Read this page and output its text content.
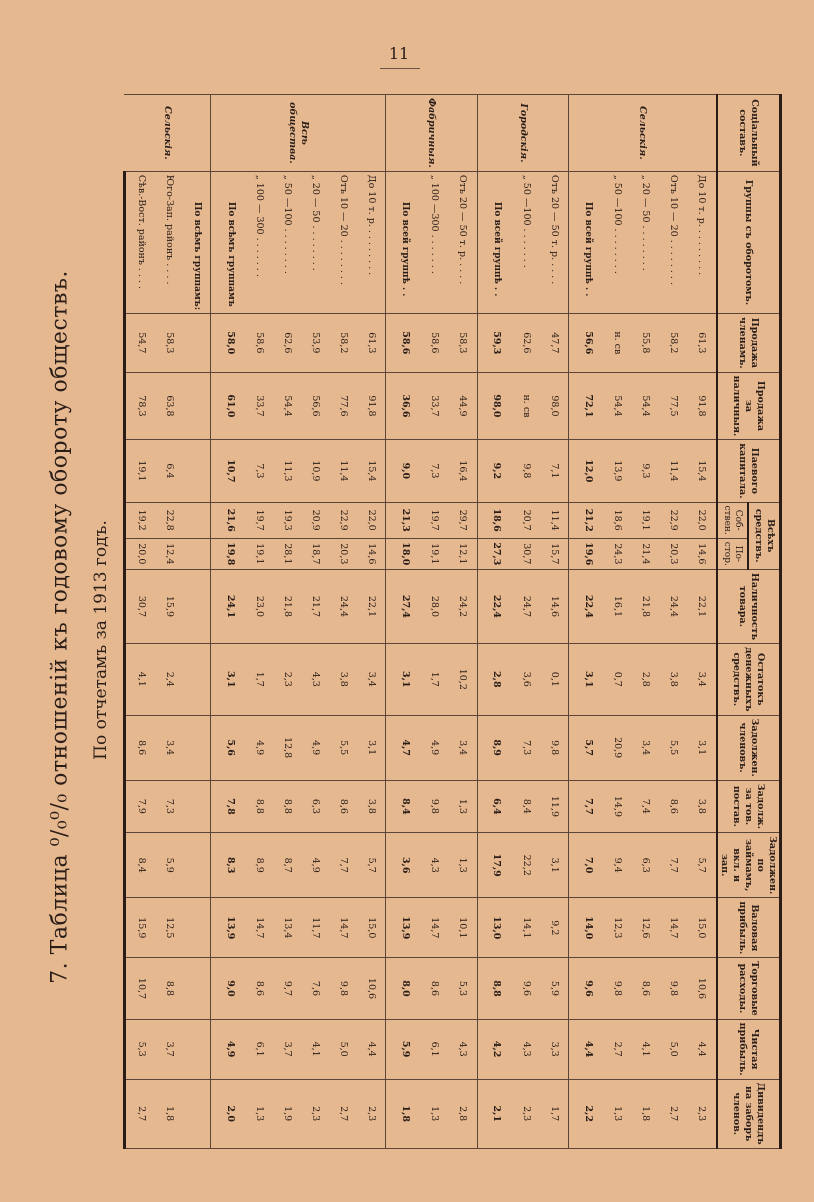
11
7. Таблица ⁰/₀⁰/₀ отношенiй къ годовому обороту обществъ. По отчетамъ за 1913 годъ.
Соцiальный составъ.	Группы съ оборотомъ.	Продажа членамъ.	Продажа за наличныя.	Паевого капитала.	Всѣхъ средствъ.		Наличность товара.	Остатокъ денежныхъ средствъ.	Задолжен. членовъ.	Задолж. за тов. постав.	Задолжен. по займамъ, вкл. и зап.	Валовая прибыль.	Торговые расходы.	Чистая прибыль.	Дивидендъ на заборъ членов.
					Соб-ствен.	По-стор.									
Сельскiя.	До 10 т. р. . . . . . . . .	61,3	91,8	15,4	22,0	14,6	22,1	3,4	3,1	3,8	5,7	15,0	10,6	4,4	2,3
	Отъ 10 — 20 . . . . . . . .	58,2	77,5	11,4	22,9	20,3	24,4	3,8	5,5	8,6	7,7	14,7	9,8	5,0	2,7
	„ 20 — 50 . . . . . . . .	55,8	54,4	9,3	19,1	21,4	21,8	2,8	3,4	7,4	6,3	12,6	8,6	4,1	1,8
	„ 50 —100 . . . . . . . .	н. св	54,4	13,9	18,6	24,3	16,1	0,7	20,9	14,9	9,4	12,3	9,8	2,7	1,3
	По всей группѣ . .	56,6	72,1	12,0	21,2	19,6	22,4	3,1	5,7	7,7	7,0	14,0	9,6	4,4	2,2
Городскiя.	Отъ 20 — 50 т. р. . . . .	47,7	98,0	7,1	11,4	15,7	14,6	0,1	9,8	11,9	3,1	9,2	5,9	3,3	1,7
	„ 50 —100 . . . . . . .	62,6	н. св	9,8	20,7	30,7	24,7	3,6	7,3	8,4	22,2	14,1	9,6	4,3	2,3
	По всей группѣ . .	59,3	98,0	9,2	18,6	27,3	22,4	2,8	8,9	6,4	17,9	13,0	8,8	4,2	2,1
Фабричныя.	Отъ 20 — 50 т. р. . . . .	58,3	44,9	16,4	29,7	12,1	24,2	10,2	3,4	1,3	1,3	10,1	5,3	4,3	2,8
	„ 100 —300 . . . . . . .	58,6	33,7	7,3	19,7	19,1	28,0	1,7	4,9	9,8	4,3	14,7	8,6	6,1	1,3
	По всей группѣ . .	58,6	36,6	9,0	21,3	18,0	27,4	3,1	4,7	8,4	3,6	13,9	8,0	5,9	1,8
Всѣ общества.	До 10 т. р. . . . . . . . .	61,3	91,8	15,4	22,0	14,6	22,1	3,4	3,1	3,8	5,7	15,0	10,6	4,4	2,3
	Отъ 10 — 20 . . . . . . . .	58,2	77,6	11,4	22,9	20,3	24,4	3,8	5,5	8,6	7,7	14,7	9,8	5,0	2,7
	„ 20 — 50 . . . . . . . .	53,9	56,6	10,9	20,9	18,7	21,7	4,3	4,9	6,3	4,9	11,7	7,6	4,1	2,3
	„ 50 —100 . . . . . . . .	62,6	54,4	11,3	19,3	28,1	21,8	2,3	12,8	8,8	8,7	13,4	9,7	3,7	1,9
	„ 100 — 300 . . . . . . .	58,6	33,7	7,3	19,7	19,1	23,0	1,7	4,9	8,8	8,9	14,7	8,6	6,1	1,3
	По всѣмъ группамъ	58,0	61,0	10,7	21,6	19,8	24,1	3,1	5,6	7,8	8,3	13,9	9,0	4,9	2,0
Сельскiя.	По всѣмъ группамъ:														
	Юго-Зап. районъ . . . .	58,3	63,8	6,4	22,8	12,4	15,9	2,4	3,4	7,3	5,9	12,5	8,8	3,7	1,8
	Сѣв.-Вост. районъ . . . .	54,7	78,3	19,1	19,2	20,0	30,7	4,1	8,6	7,9	8,4	15,9	10,7	5,3	2,7
